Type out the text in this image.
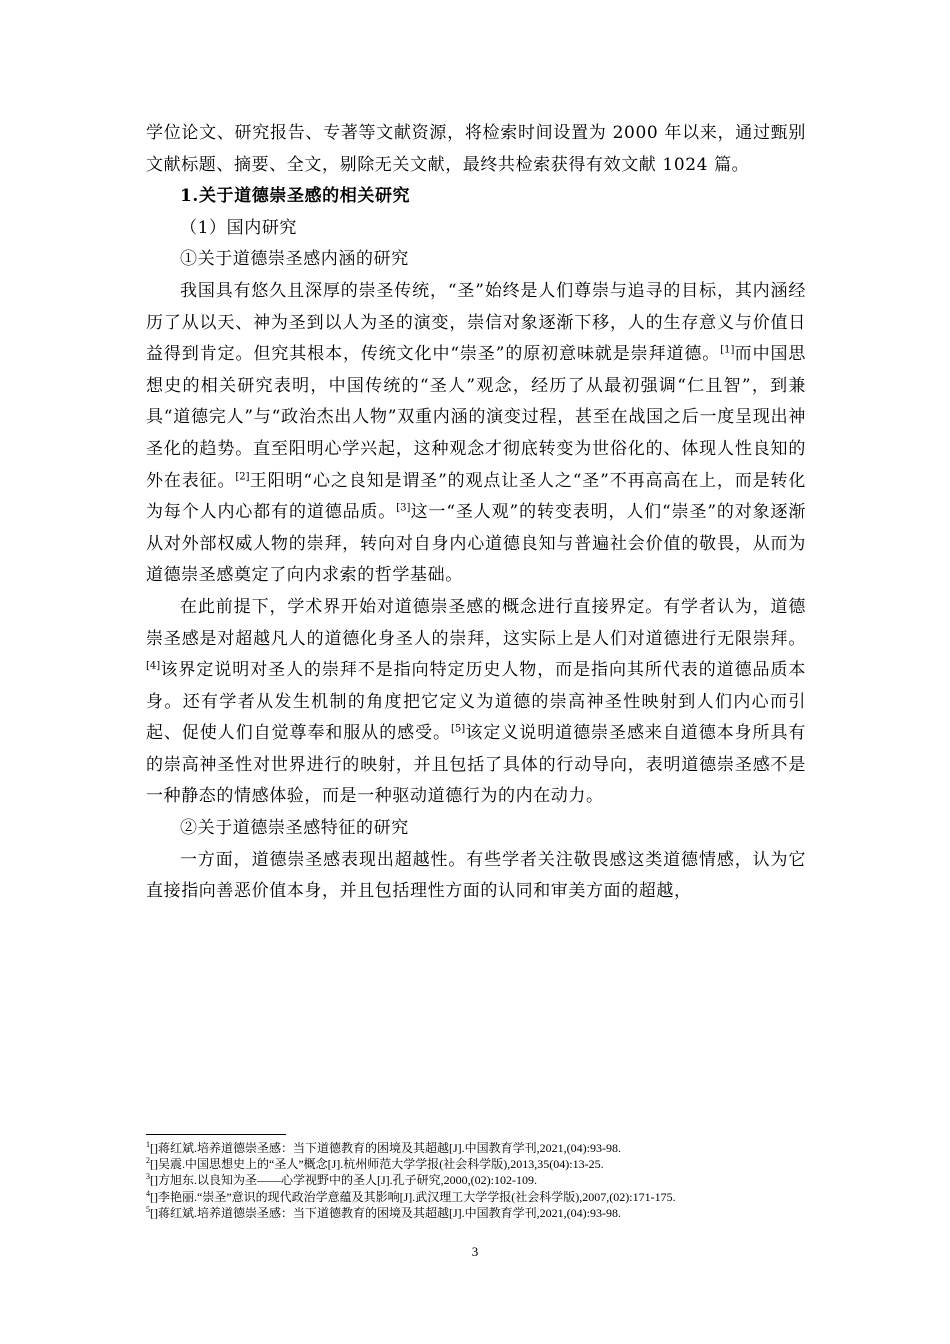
学位论文、研究报告、专著等文献资源，将检索时间设置为 2000 年以来，通过甄别文献标题、摘要、全文，剔除无关文献，最终共检索获得有效文献 1024 篇。

1.关于道德崇圣感的相关研究

（1）国内研究

①关于道德崇圣感内涵的研究

我国具有悠久且深厚的崇圣传统，“圣”始终是人们尊崇与追寻的目标，其内涵经历了从以天、神为圣到以人为圣的演变，崇信对象逐渐下移，人的生存意义与价值日益得到肯定。但究其根本，传统文化中“崇圣”的原初意味就是崇拜道德。[1]而中国思想史的相关研究表明，中国传统的“圣人”观念，经历了从最初强调“仁且智”，到兼具“道德完人”与“政治杰出人物”双重内涵的演变过程，甚至在战国之后一度呈现出神圣化的趋势。直至阳明心学兴起，这种观念才彻底转变为世俗化的、体现人性良知的外在表征。[2]王阳明“心之良知是谓圣”的观点让圣人之“圣”不再高高在上，而是转化为每个人内心都有的道德品质。[3]这一“圣人观”的转变表明，人们“崇圣”的对象逐渐从对外部权威人物的崇拜，转向对自身内心道德良知与普遍社会价值的敬畏，从而为道德崇圣感奠定了向内求索的哲学基础。

在此前提下，学术界开始对道德崇圣感的概念进行直接界定。有学者认为，道德崇圣感是对超越凡人的道德化身圣人的崇拜，这实际上是人们对道德进行无限崇拜。[4]该界定说明对圣人的崇拜不是指向特定历史人物，而是指向其所代表的道德品质本身。还有学者从发生机制的角度把它定义为道德的崇高神圣性映射到人们内心而引起、促使人们自觉尊奉和服从的感受。[5]该定义说明道德崇圣感来自道德本身所具有的崇高神圣性对世界进行的映射，并且包括了具体的行动导向，表明道德崇圣感不是一种静态的情感体验，而是一种驱动道德行为的内在动力。

②关于道德崇圣感特征的研究

一方面，道德崇圣感表现出超越性。有些学者关注敬畏感这类道德情感，认为它直接指向善恶价值本身，并且包括理性方面的认同和审美方面的超越，

$^1$[]蒋红斌.培养道德崇圣感：当下道德教育的困境及其超越[J].中国教育学刊,2021,(04):93-98.

$^2$[]吴震.中国思想史上的“圣人”概念[J].杭州师范大学学报(社会科学版),2013,35(04):13-25.

$^3$[]方旭东.以良知为圣——心学视野中的圣人[J].孔子研究,2000,(02):102-109.

$^4$[]李艳丽.“崇圣”意识的现代政治学意蕴及其影响[J].武汉理工大学学报(社会科学版),2007,(02):171-175.

$^5$[]蒋红斌.培养道德崇圣感：当下道德教育的困境及其超越[J].中国教育学刊,2021,(04):93-98.

3
